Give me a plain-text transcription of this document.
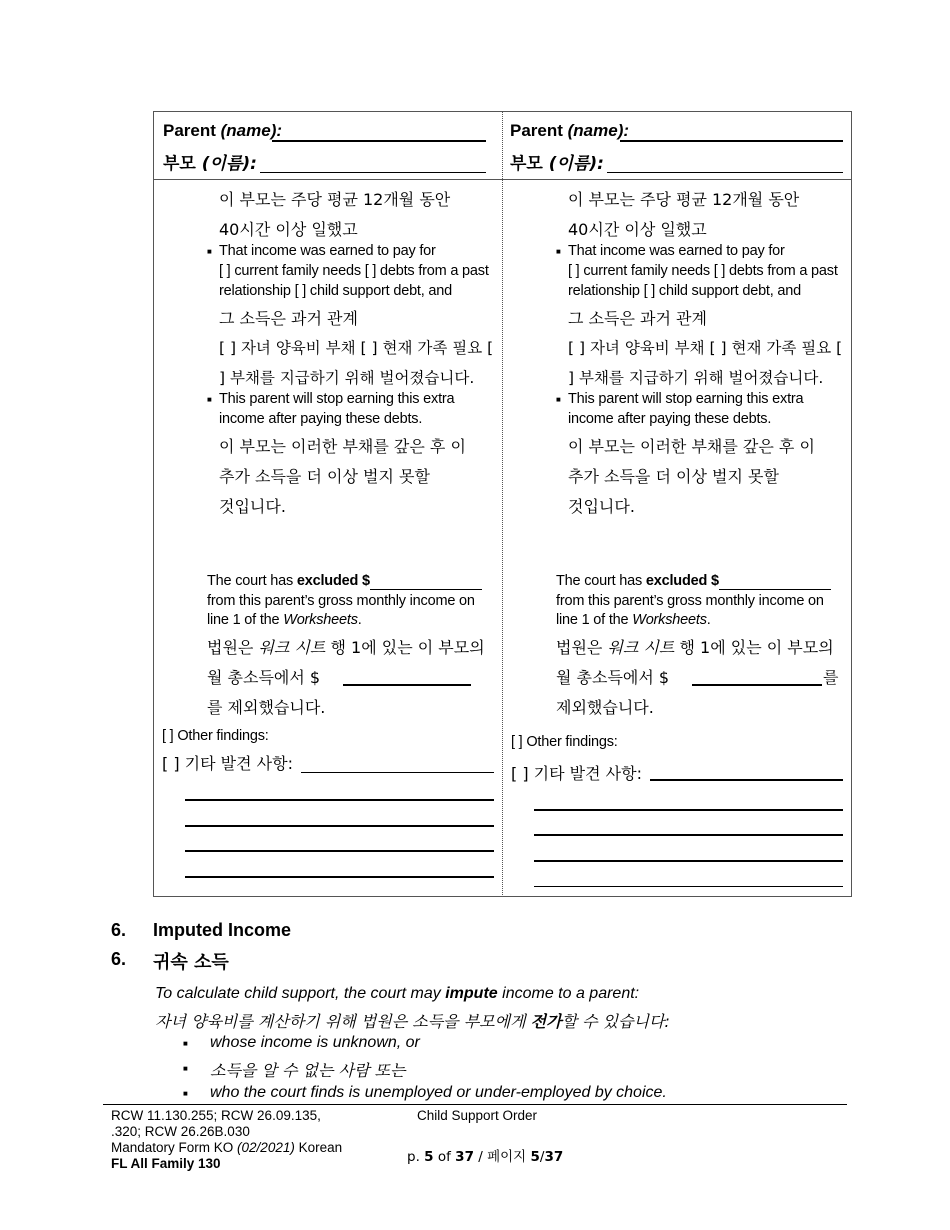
Parent (name):
부모 (이름):
이 부모는 주당 평균 12개월 동안
40시간 이상 일했고
■ That income was earned to pay for
[ ] current family needs [ ] debts from a past
relationship [ ] child support debt, and
그 소득은 과거 관계
[ ] 자녀 양육비 부채 [ ] 현재 가족 필요 [
] 부채를 지급하기 위해 벌어졌습니다.
■ This parent will stop earning this extra
income after paying these debts.
이 부모는 이러한 부채를 갚은 후 이
추가 소득을 더 이상 벌지 못할
것입니다.
The court has excluded $
from this parent’s gross monthly income on
line 1 of the Worksheets.
법원은 워크 시트 행 1에 있는 이 부모의
월 총소득에서 $
를 제외했습니다.
[ ] Other findings:
[ ] 기타 발견 사항:
Parent (name):
부모 (이름):
이 부모는 주당 평균 12개월 동안
40시간 이상 일했고
■ That income was earned to pay for
[ ] current family needs [ ] debts from a past
relationship [ ] child support debt, and
그 소득은 과거 관계
[ ] 자녀 양육비 부채 [ ] 현재 가족 필요 [
] 부채를 지급하기 위해 벌어졌습니다.
■ This parent will stop earning this extra
income after paying these debts.
이 부모는 이러한 부채를 갚은 후 이
추가 소득을 더 이상 벌지 못할
것입니다.
The court has excluded $
from this parent’s gross monthly income on
line 1 of the Worksheets.
법원은 워크 시트 행 1에 있는 이 부모의
월 총소득에서 $	를
제외했습니다.
[ ] Other findings:
[ ] 기타 발견 사항:
6. Imputed Income
6. 귀속 소득
To calculate child support, the court may impute income to a parent:
자녀 양육비를 계산하기 위해 법원은 소득을 부모에게 전가할 수 있습니다:
■ whose income is unknown, or
■ 소득을 알 수 없는 사람 또는
■ who the court finds is unemployed or under-employed by choice.
RCW 11.130.255; RCW 26.09.135,
.320; RCW 26.26B.030
Mandatory Form KO (02/2021) Korean
FL All Family 130
Child Support Order
p. 5 of 37 / 페이지 5/37
